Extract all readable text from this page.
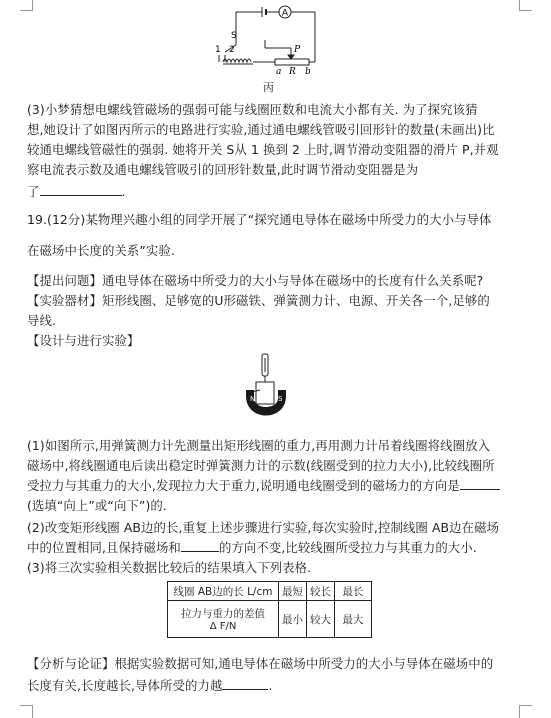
A
S
1 2	P
a R b
丙
(3)小梦猜想电螺线管磁场的强弱可能与线圈匝数和电流大小都有关. 为了探究该猜
想,她设计了如图丙所示的电路进行实验,通过通电螺线管吸引回形针的数量(未画出)比
较通电螺线管磁性的强弱. 她将开关 S从 1 换到 2 上时,调节滑动变阻器的滑片 P,并观
察电流表示数及通电螺线管吸引的回形针数量,此时调节滑动变阻器是为
了	.
19.(12分)某物理兴趣小组的同学开展了“探究通电导体在磁场中所受力的大小与导体
在磁场中长度的关系”实验.
【提出问题】通电导体在磁场中所受力的大小与导体在磁场中的长度有什么关系呢?
【实验器材】矩形线圈、足够宽的U形磁铁、弹簧测力计、电源、开关各一个,足够的
导线.
【设计与进行实验】
N	S
(1)如图所示,用弹簧测力计先测量出矩形线圈的重力,再用测力计吊着线圈将线圈放入
磁场中,将线圈通电后读出稳定时弹簧测力计的示数(线圈受到的拉力大小),比较线圈所
受拉力与其重力的大小,发现拉力大于重力,说明通电线圈受到的磁场力的方向是
(选填“向上”或“向下”)的.
(2)改变矩形线圈 AB边的长,重复上述步骤进行实验,每次实验时,控制线圈 AB边在磁场
中的位置相同,且保持磁场和	的方向不变,比较线圈所受拉力与其重力的大小.
(3)将三次实验相关数据比较后的结果填入下列表格.
线圈 AB边的长 L/cm	最短	较长	最长

拉力与重力的差值
Δ F/N	最小	较大	最大
【分析与论证】根据实验数据可知,通电导体在磁场中所受力的大小与导体在磁场中的
长度有关,长度越长,导体所受的力越	.
